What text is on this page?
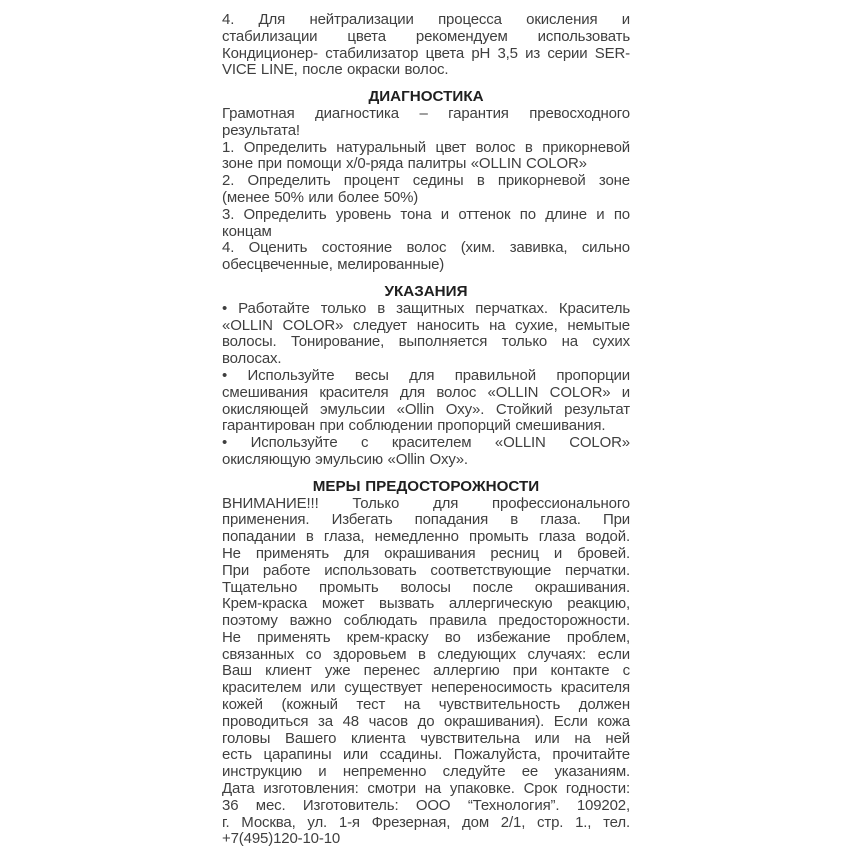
4. Для нейтрализации процесса окисления и
стабилизации цвета рекомендуем использовать
Кондиционер- стабилизатор цвета pH 3,5 из серии SER-
VICE LINE, после окраски волос.
ДИАГНОСТИКА
Грамотная диагностика – гарантия превосходного
результата!
1. Определить натуральный цвет волос в прикорневой
зоне при помощи х/0-ряда палитры «OLLIN COLOR»
2. Определить процент седины в прикорневой зоне
(менее 50% или более 50%)
3. Определить уровень тона и оттенок по длине и по
концам
4. Оценить состояние волос (хим. завивка, сильно
обесцвеченные, мелированные)
УКАЗАНИЯ
• Работайте только в защитных перчатках. Краситель
«OLLIN COLOR» следует наносить на сухие, немытые
волосы. Тонирование, выполняется только на сухих
волосах.
• Используйте весы для правильной пропорции
смешивания красителя для волос «OLLIN COLOR» и
окисляющей эмульсии «Ollin Oxy». Стойкий результат
гарантирован при соблюдении пропорций смешивания.
• Используйте с красителем «OLLIN COLOR»
окисляющую эмульсию «Ollin Oxy».
МЕРЫ ПРЕДОСТОРОЖНОСТИ
ВНИМАНИЕ!!! Только для профессионального
применения. Избегать попадания в глаза. При
попадании в глаза, немедленно промыть глаза водой.
Не применять для окрашивания ресниц и бровей.
При работе использовать соответствующие перчатки.
Тщательно промыть волосы после окрашивания.
Крем-краска может вызвать аллергическую реакцию,
поэтому важно соблюдать правила предосторожности.
Не применять крем-краску во избежание проблем,
связанных со здоровьем в следующих случаях: если
Ваш клиент уже перенес аллергию при контакте с
красителем или существует непереносимость красителя
кожей (кожный тест на чувствительность должен
проводиться за 48 часов до окрашивания). Если кожа
головы Вашего клиента чувствительна или на ней
есть царапины или ссадины. Пожалуйста, прочитайте
инструкцию и непременно следуйте ее указаниям.
Дата изготовления: смотри на упаковке. Срок годности:
36 мес. Изготовитель: ООО “Технология”. 109202,
г. Москва, ул. 1-я Фрезерная, дом 2/1, стр. 1., тел.
+7(495)120-10-10
